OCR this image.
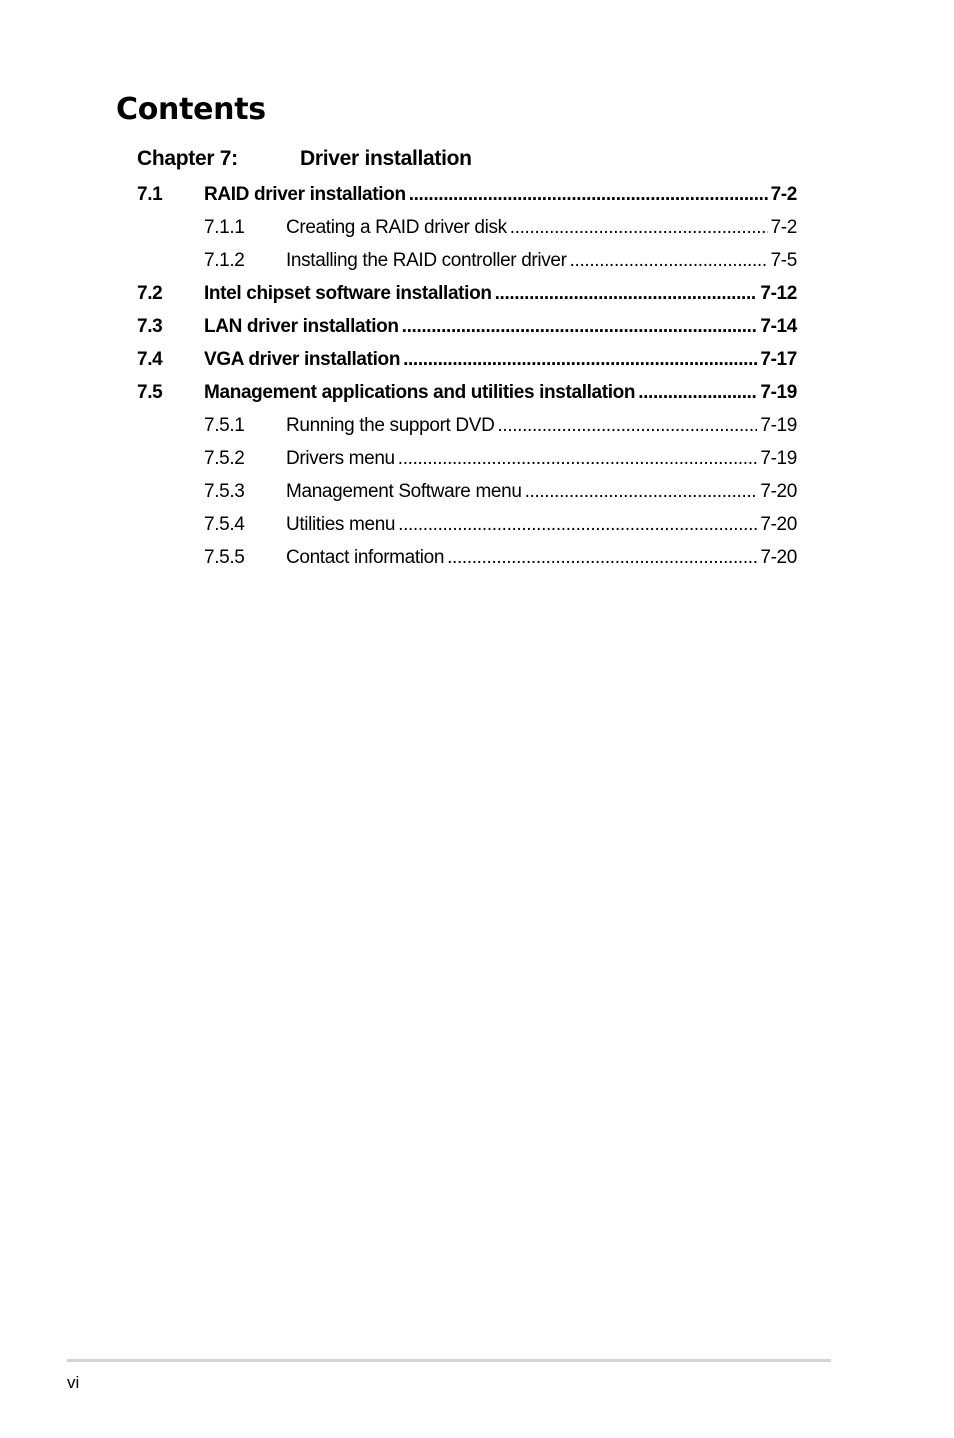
Contents
Chapter 7:	Driver installation
7.1 RAID driver installation .....	7-2
7.1.1 Creating a RAID driver disk .....	7-2
7.1.2 Installing the RAID controller driver .....	7-5
7.2 Intel chipset software installation .....	7-12
7.3 LAN driver installation .....	7-14
7.4 VGA driver installation .....	7-17
7.5 Management applications and utilities installation .....	7-19
7.5.1 Running the support DVD .....	7-19
7.5.2 Drivers menu .....	7-19
7.5.3 Management Software menu .....	7-20
7.5.4 Utilities menu .....	7-20
7.5.5 Contact information .....	7-20
vi
